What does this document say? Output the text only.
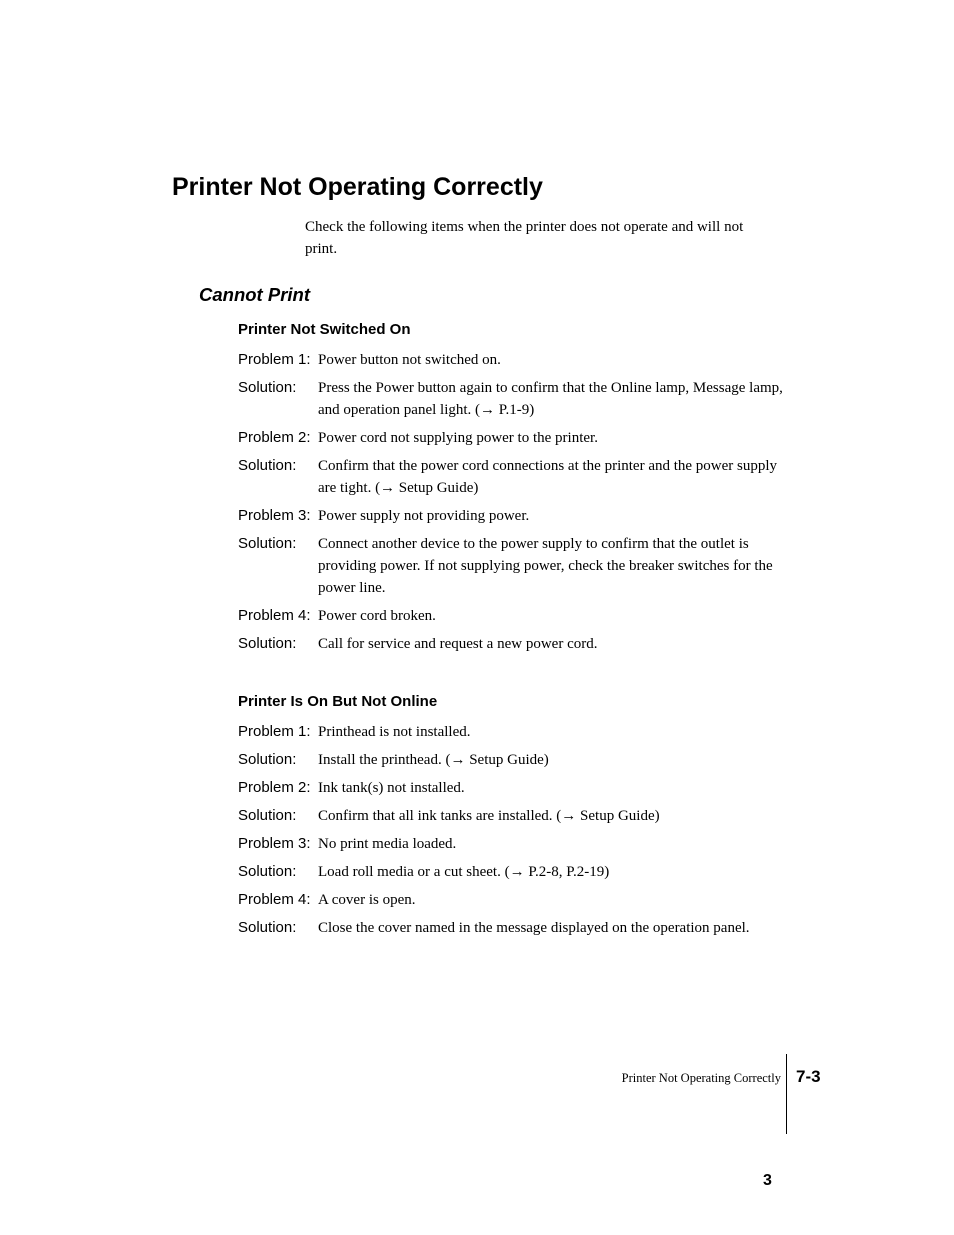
Printer Not Operating Correctly

Check the following items when the printer does not operate and will not print.

Cannot Print
Printer Not Switched On
Problem 1: Power button not switched on.
Solution:	Press the Power button again to confirm that the Online lamp, Message lamp, and operation panel light. (→ P.1-9)
Problem 2: Power cord not supplying power to the printer.
Solution:	Confirm that the power cord connections at the printer and the power supply are tight. (→ Setup Guide)
Problem 3: Power supply not providing power.
Solution:	Connect another device to the power supply to confirm that the outlet is providing power. If not supplying power, check the breaker switches for the power line.
Problem 4: Power cord broken.
Solution:	Call for service and request a new power cord.
Printer Is On But Not Online
Problem 1: Printhead is not installed.
Solution:	Install the printhead. (→ Setup Guide)
Problem 2: Ink tank(s) not installed.
Solution:	Confirm that all ink tanks are installed. (→ Setup Guide)
Problem 3: No print media loaded.
Solution:	Load roll media or a cut sheet. (→ P.2-8, P.2-19)
Problem 4: A cover is open.
Solution:	Close the cover named in the message displayed on the operation panel.
Printer Not Operating Correctly 7-3
3
